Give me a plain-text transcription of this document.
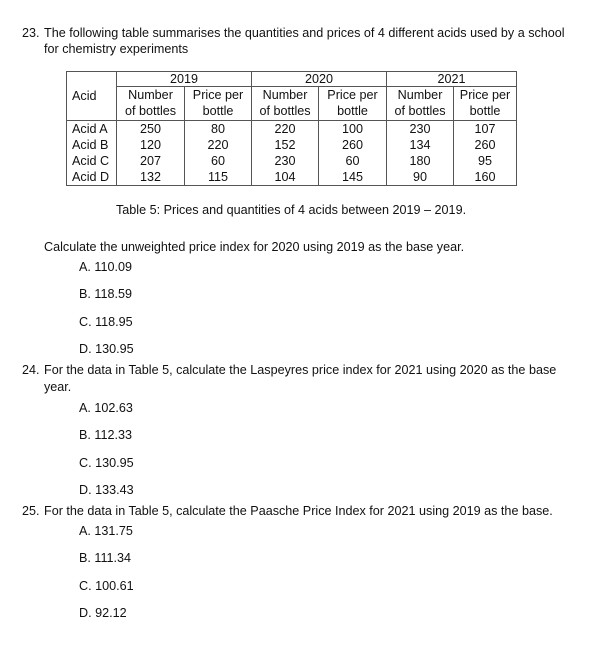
23. The following table summarises the quantities and prices of 4 different acids used by a school
for chemistry experiments
Acid	2019		2020		2021	
	Number	Price per	Number	Price per	Number	Price per
	of bottles	bottle	of bottles	bottle	of bottles	bottle
Acid A	250	80	220	100	230	107
Acid B	120	220	152	260	134	260
Acid C	207	60	230	60	180	95
Acid D	132	115	104	145	90	160
Table 5: Prices and quantities of 4 acids between 2019 – 2019.
Calculate the unweighted price index for 2020 using 2019 as the base year.
A. 110.09
B. 118.59
C. 118.95
D. 130.95
24. For the data in Table 5, calculate the Laspeyres price index for 2021 using 2020 as the base
year.
A. 102.63
B. 112.33
C. 130.95
D. 133.43
25. For the data in Table 5, calculate the Paasche Price Index for 2021 using 2019 as the base.
A. 131.75
B. 111.34
C. 100.61
D. 92.12
